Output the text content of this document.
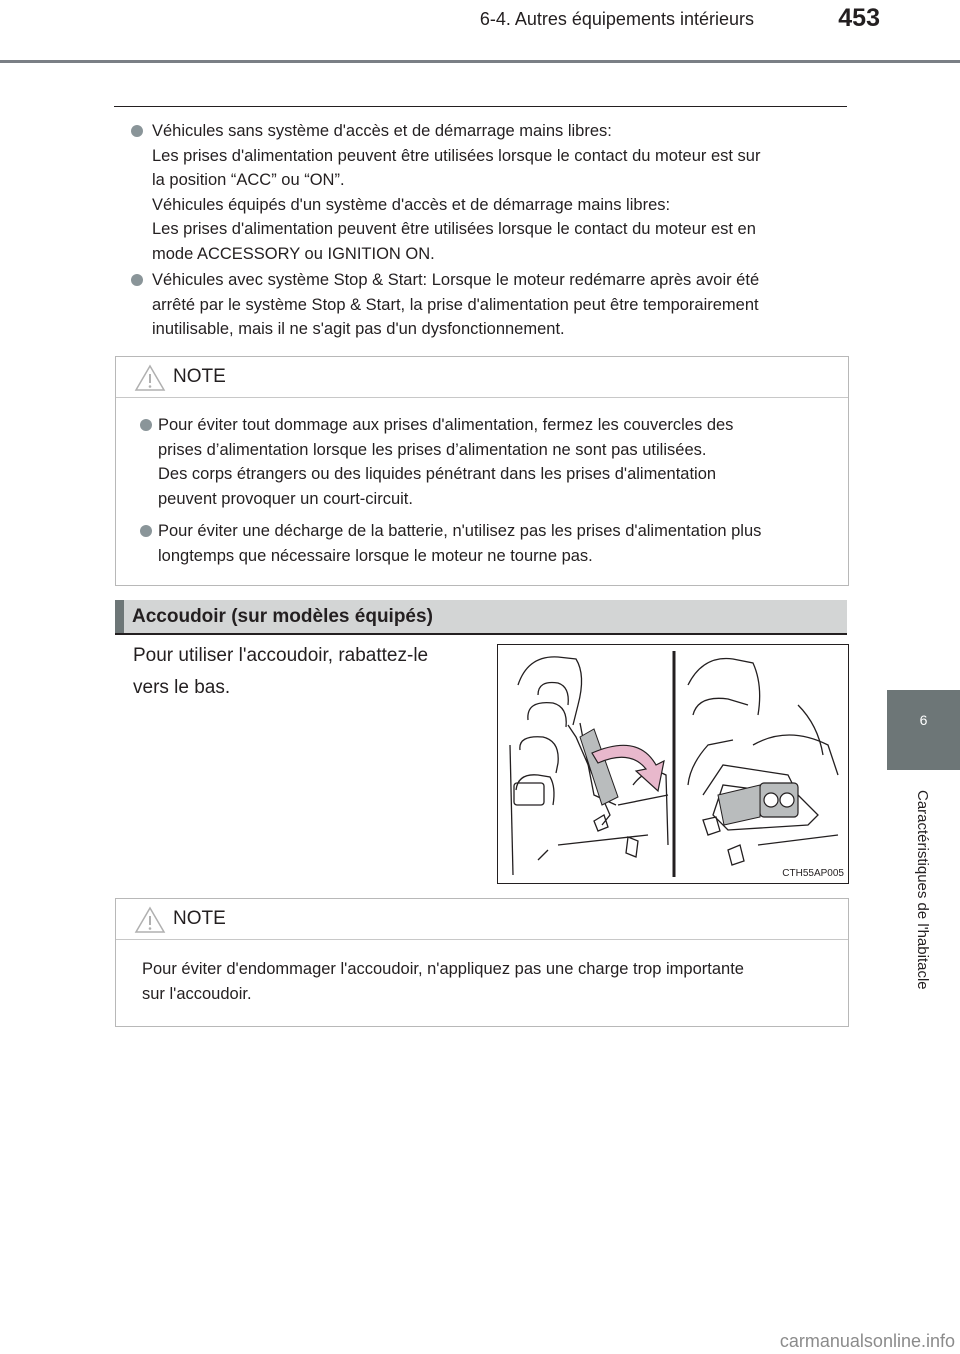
6-4. Autres équipements intérieurs	453
6
Caractéristiques de l'habitacle
Véhicules sans système d'accès et de démarrage mains libres:
Les prises d'alimentation peuvent être utilisées lorsque le contact du moteur est sur
la position “ACC” ou “ON”.
Véhicules équipés d'un système d'accès et de démarrage mains libres:
Les prises d'alimentation peuvent être utilisées lorsque le contact du moteur est en
mode ACCESSORY ou IGNITION ON.
Véhicules avec système Stop & Start: Lorsque le moteur redémarre après avoir été
arrêté par le système Stop & Start, la prise d'alimentation peut être temporairement
inutilisable, mais il ne s'agit pas d'un dysfonctionnement.
NOTE
Pour éviter tout dommage aux prises d'alimentation, fermez les couvercles des
prises d’alimentation lorsque les prises d’alimentation ne sont pas utilisées.
Des corps étrangers ou des liquides pénétrant dans les prises d'alimentation
peuvent provoquer un court-circuit.
Pour éviter une décharge de la batterie, n'utilisez pas les prises d'alimentation plus
longtemps que nécessaire lorsque le moteur ne tourne pas.
Accoudoir (sur modèles équipés)
Pour utiliser l'accoudoir, rabattez-le
vers le bas.
CTH55AP005
NOTE
Pour éviter d'endommager l'accoudoir, n'appliquez pas une charge trop importante
sur l'accoudoir.
carmanualsonline.info
